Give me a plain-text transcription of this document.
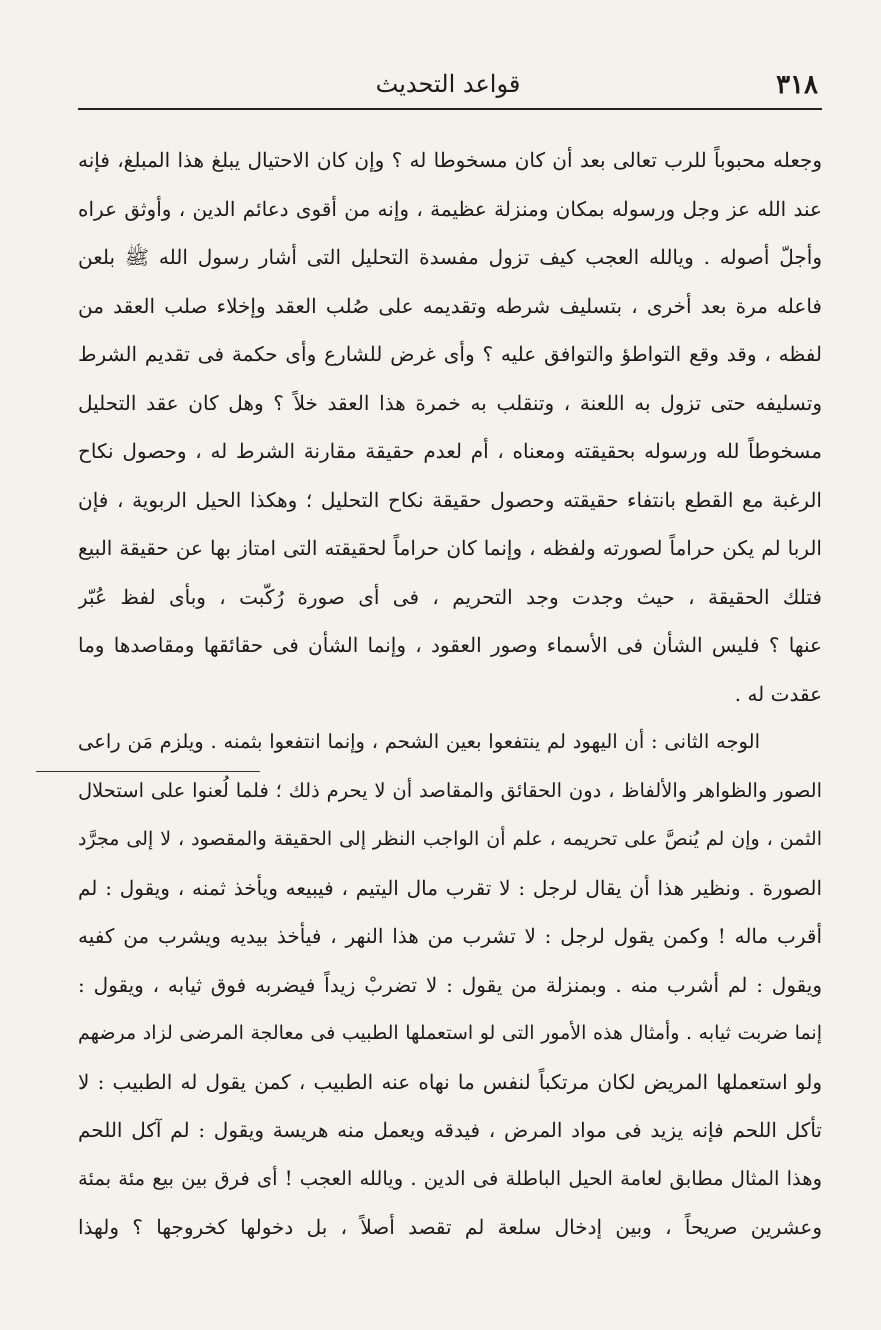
٣١٨
قواعد التحديث
وجعله محبوباً للرب تعالى بعد أن كان مسخوطا له ؟ وإن كان الاحتيال يبلغ هذا المبلغ، فإنه
عند الله عز وجل ورسوله بمكان ومنزلة عظيمة ، وإنه من أقوى دعائم الدين ، وأوثق عراه
وأجلّ أصوله . ويالله العجب كيف تزول مفسدة التحليل التى أشار رسول الله ﷺ بلعن
فاعله مرة بعد أخرى ، بتسليف شرطه وتقديمه على صُلب العقد وإخلاء صلب العقد من
لفظه ، وقد وقع التواطؤ والتوافق عليه ؟ وأى غرض للشارع وأى حكمة فى تقديم الشرط
وتسليفه حتى تزول به اللعنة ، وتنقلب به خمرة هذا العقد خلاً ؟ وهل كان عقد التحليل
مسخوطاً لله ورسوله بحقيقته ومعناه ، أم لعدم حقيقة مقارنة الشرط له ، وحصول نكاح
الرغبة مع القطع بانتفاء حقيقته وحصول حقيقة نكاح التحليل ؛ وهكذا الحيل الربوية ، فإن
الربا لم يكن حراماً لصورته ولفظه ، وإنما كان حراماً لحقيقته التى امتاز بها عن حقيقة البيع
فتلك الحقيقة ، حيث وجدت وجد التحريم ، فى أى صورة رُكّبت ، وبأى لفظ عُبّر
عنها ؟ فليس الشأن فى الأسماء وصور العقود ، وإنما الشأن فى حقائقها ومقاصدها وما
عقدت له .
الوجه الثانى : أن اليهود لم ينتفعوا بعين الشحم ، وإنما انتفعوا بثمنه . ويلزم مَن راعى
الصور والظواهر والألفاظ ، دون الحقائق والمقاصد أن لا يحرم ذلك ؛ فلما لُعنوا على استحلال
الثمن ، وإن لم يُنصَّ على تحريمه ، علم أن الواجب النظر إلى الحقيقة والمقصود ، لا إلى مجرَّد
الصورة . ونظير هذا أن يقال لرجل : لا تقرب مال اليتيم ، فيبيعه ويأخذ ثمنه ، ويقول : لم
أقرب ماله ! وكمن يقول لرجل : لا تشرب من هذا النهر ، فيأخذ بيديه ويشرب من كفيه
ويقول : لم أشرب منه . وبمنزلة من يقول : لا تضربْ زيداً فيضربه فوق ثيابه ، ويقول :
إنما ضربت ثيابه . وأمثال هذه الأمور التى لو استعملها الطبيب فى معالجة المرضى لزاد مرضهم
ولو استعملها المريض لكان مرتكباً لنفس ما نهاه عنه الطبيب ، كمن يقول له الطبيب : لا
تأكل اللحم فإنه يزيد فى مواد المرض ، فيدقه ويعمل منه هريسة ويقول : لم آكل اللحم
وهذا المثال مطابق لعامة الحيل الباطلة فى الدين . ويالله العجب ! أى فرق بين بيع مئة بمئة
وعشرين صريحاً ، وبين إدخال سلعة لم تقصد أصلاً ، بل دخولها كخروجها ؟ ولهذا
